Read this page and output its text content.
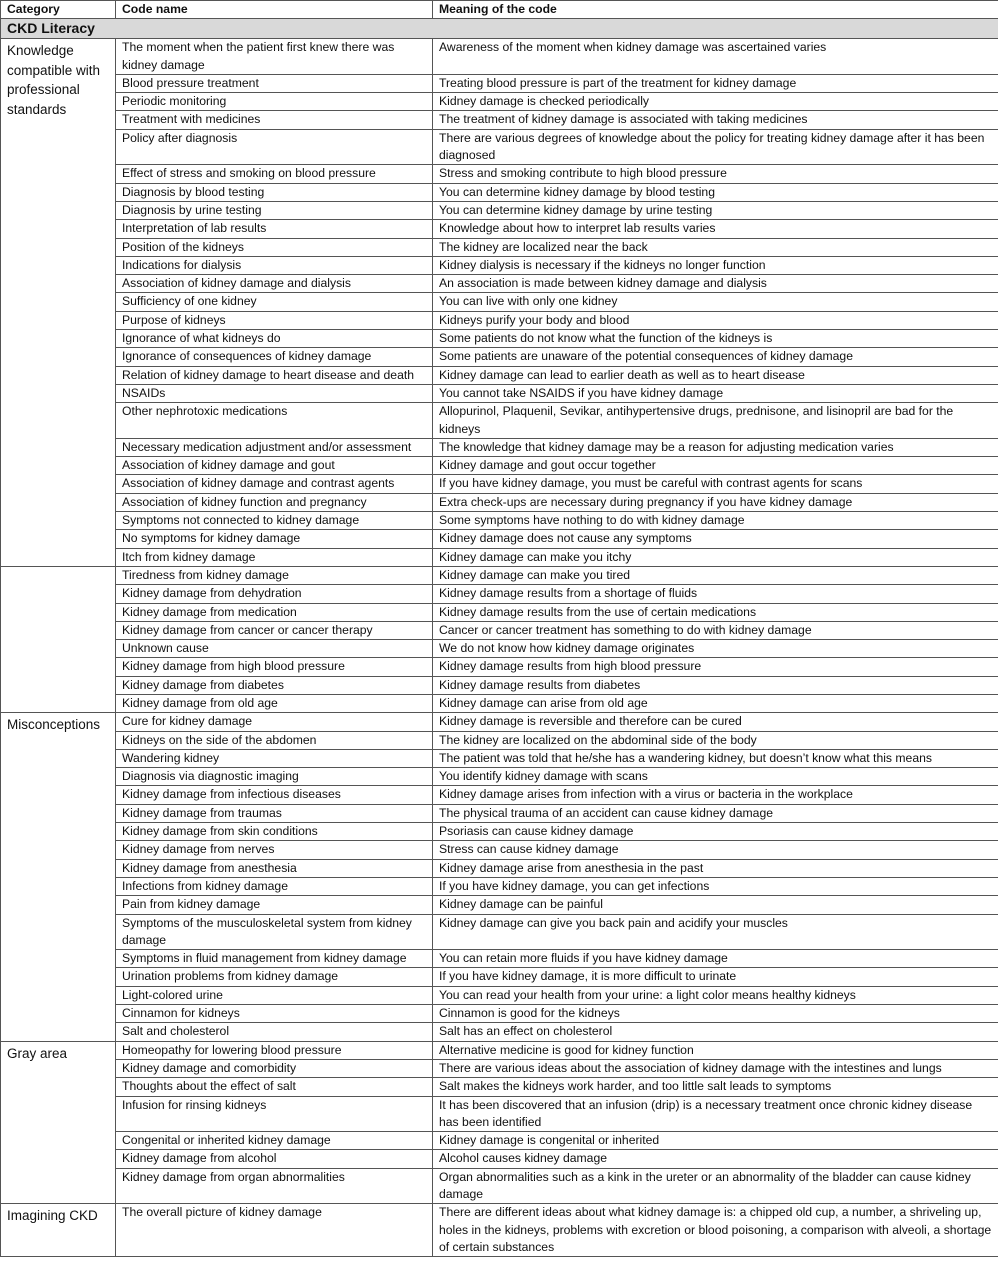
Category	Code name	Meaning of the code
CKD Literacy		
Knowledge compatible with professional standards	The moment when the patient first knew there was kidney damage	Awareness of the moment when kidney damage was ascertained varies
	Blood pressure treatment	Treating blood pressure is part of the treatment for kidney damage
	Periodic monitoring	Kidney damage is checked periodically
	Treatment with medicines	The treatment of kidney damage is associated with taking medicines
	Policy after diagnosis	There are various degrees of knowledge about the policy for treating kidney damage after it has been diagnosed
	Effect of stress and smoking on blood pressure	Stress and smoking contribute to high blood pressure
	Diagnosis by blood testing	You can determine kidney damage by blood testing
	Diagnosis by urine testing	You can determine kidney damage by urine testing
	Interpretation of lab results	Knowledge about how to interpret lab results varies
	Position of the kidneys	The kidney are localized near the back
	Indications for dialysis	Kidney dialysis is necessary if the kidneys no longer function
	Association of kidney damage and dialysis	An association is made between kidney damage and dialysis
	Sufficiency of one kidney	You can live with only one kidney
	Purpose of kidneys	Kidneys purify your body and blood
	Ignorance of what kidneys do	Some patients do not know what the function of the kidneys is
	Ignorance of consequences of kidney damage	Some patients are unaware of the potential consequences of kidney damage
	Relation of kidney damage to heart disease and death	Kidney damage can lead to earlier death as well as to heart disease
	NSAIDs	You cannot take NSAIDS if you have kidney damage
	Other nephrotoxic medications	Allopurinol, Plaquenil, Sevikar, antihypertensive drugs, prednisone, and lisinopril are bad for the kidneys
	Necessary medication adjustment and/or assessment	The knowledge that kidney damage may be a reason for adjusting medication varies
	Association of kidney damage and gout	Kidney damage and gout occur together
	Association of kidney damage and contrast agents	If you have kidney damage, you must be careful with contrast agents for scans
	Association of kidney function and pregnancy	Extra check-ups are necessary during pregnancy if you have kidney damage
	Symptoms not connected to kidney damage	Some symptoms have nothing to do with kidney damage
	No symptoms for kidney damage	Kidney damage does not cause any symptoms
	Itch from kidney damage	Kidney damage can make you itchy
	Tiredness from kidney damage	Kidney damage can make you tired
	Kidney damage from dehydration	Kidney damage results from a shortage of fluids
	Kidney damage from medication	Kidney damage results from the use of certain medications
	Kidney damage from cancer or cancer therapy	Cancer or cancer treatment has something to do with kidney damage
	Unknown cause	We do not know how kidney damage originates
	Kidney damage from high blood pressure	Kidney damage results from high blood pressure
	Kidney damage from diabetes	Kidney damage results from diabetes
	Kidney damage from old age	Kidney damage can arise from old age
Misconceptions	Cure for kidney damage	Kidney damage is reversible and therefore can be cured
	Kidneys on the side of the abdomen	The kidney are localized on the abdominal side of the body
	Wandering kidney	The patient was told that he/she has a wandering kidney, but doesn’t know what this means
	Diagnosis via diagnostic imaging	You identify kidney damage with scans
	Kidney damage from infectious diseases	Kidney damage arises from infection with a virus or bacteria in the workplace
	Kidney damage from traumas	The physical trauma of an accident can cause kidney damage
	Kidney damage from skin conditions	Psoriasis can cause kidney damage
	Kidney damage from nerves	Stress can cause kidney damage
	Kidney damage from anesthesia	Kidney damage arise from anesthesia in the past
	Infections from kidney damage	If you have kidney damage, you can get infections
	Pain from kidney damage	Kidney damage can be painful
	Symptoms of the musculoskeletal system from kidney damage	Kidney damage can give you back pain and acidify your muscles
	Symptoms in fluid management from kidney damage	You can retain more fluids if you have kidney damage
	Urination problems from kidney damage	If you have kidney damage, it is more difficult to urinate
	Light-colored urine	You can read your health from your urine: a light color means healthy kidneys
	Cinnamon for kidneys	Cinnamon is good for the kidneys
	Salt and cholesterol	Salt has an effect on cholesterol
Gray area	Homeopathy for lowering blood pressure	Alternative medicine is good for kidney function
	Kidney damage and comorbidity	There are various ideas about the association of kidney damage with the intestines and lungs
	Thoughts about the effect of salt	Salt makes the kidneys work harder, and too little salt leads to symptoms
	Infusion for rinsing kidneys	It has been discovered that an infusion (drip) is a necessary treatment once chronic kidney disease has been identified
	Congenital or inherited kidney damage	Kidney damage is congenital or inherited
	Kidney damage from alcohol	Alcohol causes kidney damage
	Kidney damage from organ abnormalities	Organ abnormalities such as a kink in the ureter or an abnormality of the bladder can cause kidney damage
Imagining CKD	The overall picture of kidney damage	There are different ideas about what kidney damage is: a chipped old cup, a number, a shriveling up, holes in the kidneys, problems with excretion or blood poisoning, a comparison with alveoli, a shortage of certain substances
